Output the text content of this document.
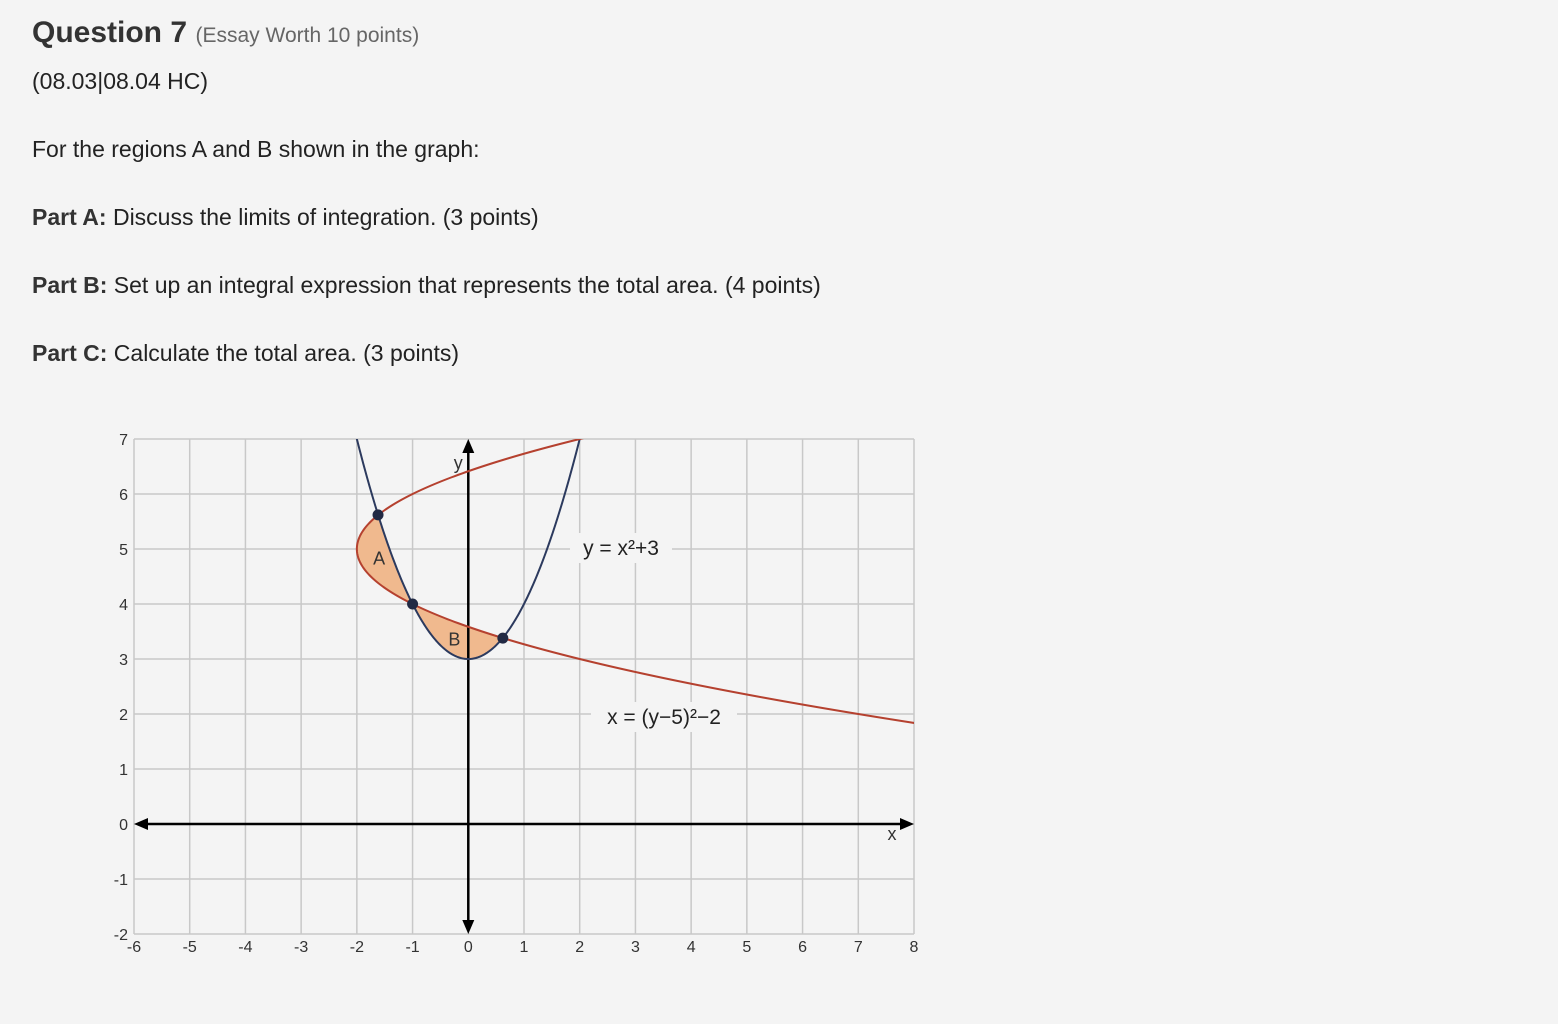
Question 7 (Essay Worth 10 points)
(08.03|08.04 HC)
For the regions A and B shown in the graph:
Part A: Discuss the limits of integration. (3 points)
Part B: Set up an integral expression that represents the total area. (4 points)
Part C: Calculate the total area. (3 points)
-6	-5	-4	-3	-2	-1	0	1	2	3	4	5	6	7	8
-2
-1
0
1
2
3
4
5
6
7
x
y
A
B
y = x²+3
x = (y−5)²−2
